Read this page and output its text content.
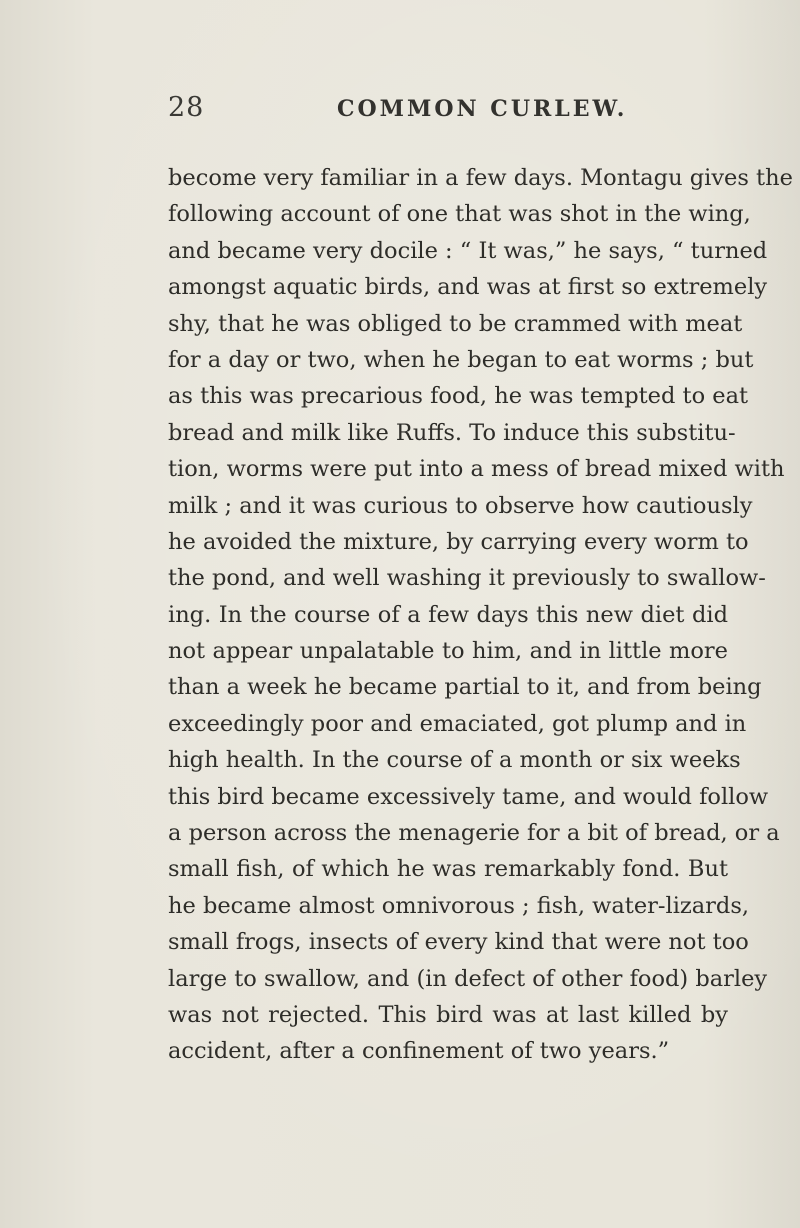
28	COMMON CURLEW.
become very familiar in a few days. Montagu gives the
following account of one that was shot in the wing,
and became very docile : “ It was,” he says, “ turned
amongst aquatic birds, and was at first so extremely
shy, that he was obliged to be crammed with meat
for a day or two, when he began to eat worms ; but
as this was precarious food, he was tempted to eat
bread and milk like Ruffs. To induce this substitu-
tion, worms were put into a mess of bread mixed with
milk ; and it was curious to observe how cautiously
he avoided the mixture, by carrying every worm to
the pond, and well washing it previously to swallow-
ing. In the course of a few days this new diet did
not appear unpalatable to him, and in little more
than a week he became partial to it, and from being
exceedingly poor and emaciated, got plump and in
high health. In the course of a month or six weeks
this bird became excessively tame, and would follow
a person across the menagerie for a bit of bread, or a
small fish, of which he was remarkably fond. But
he became almost omnivorous ; fish, water-lizards,
small frogs, insects of every kind that were not too
large to swallow, and (in defect of other food) barley
was not rejected. This bird was at last killed by
accident, after a confinement of two years.”
